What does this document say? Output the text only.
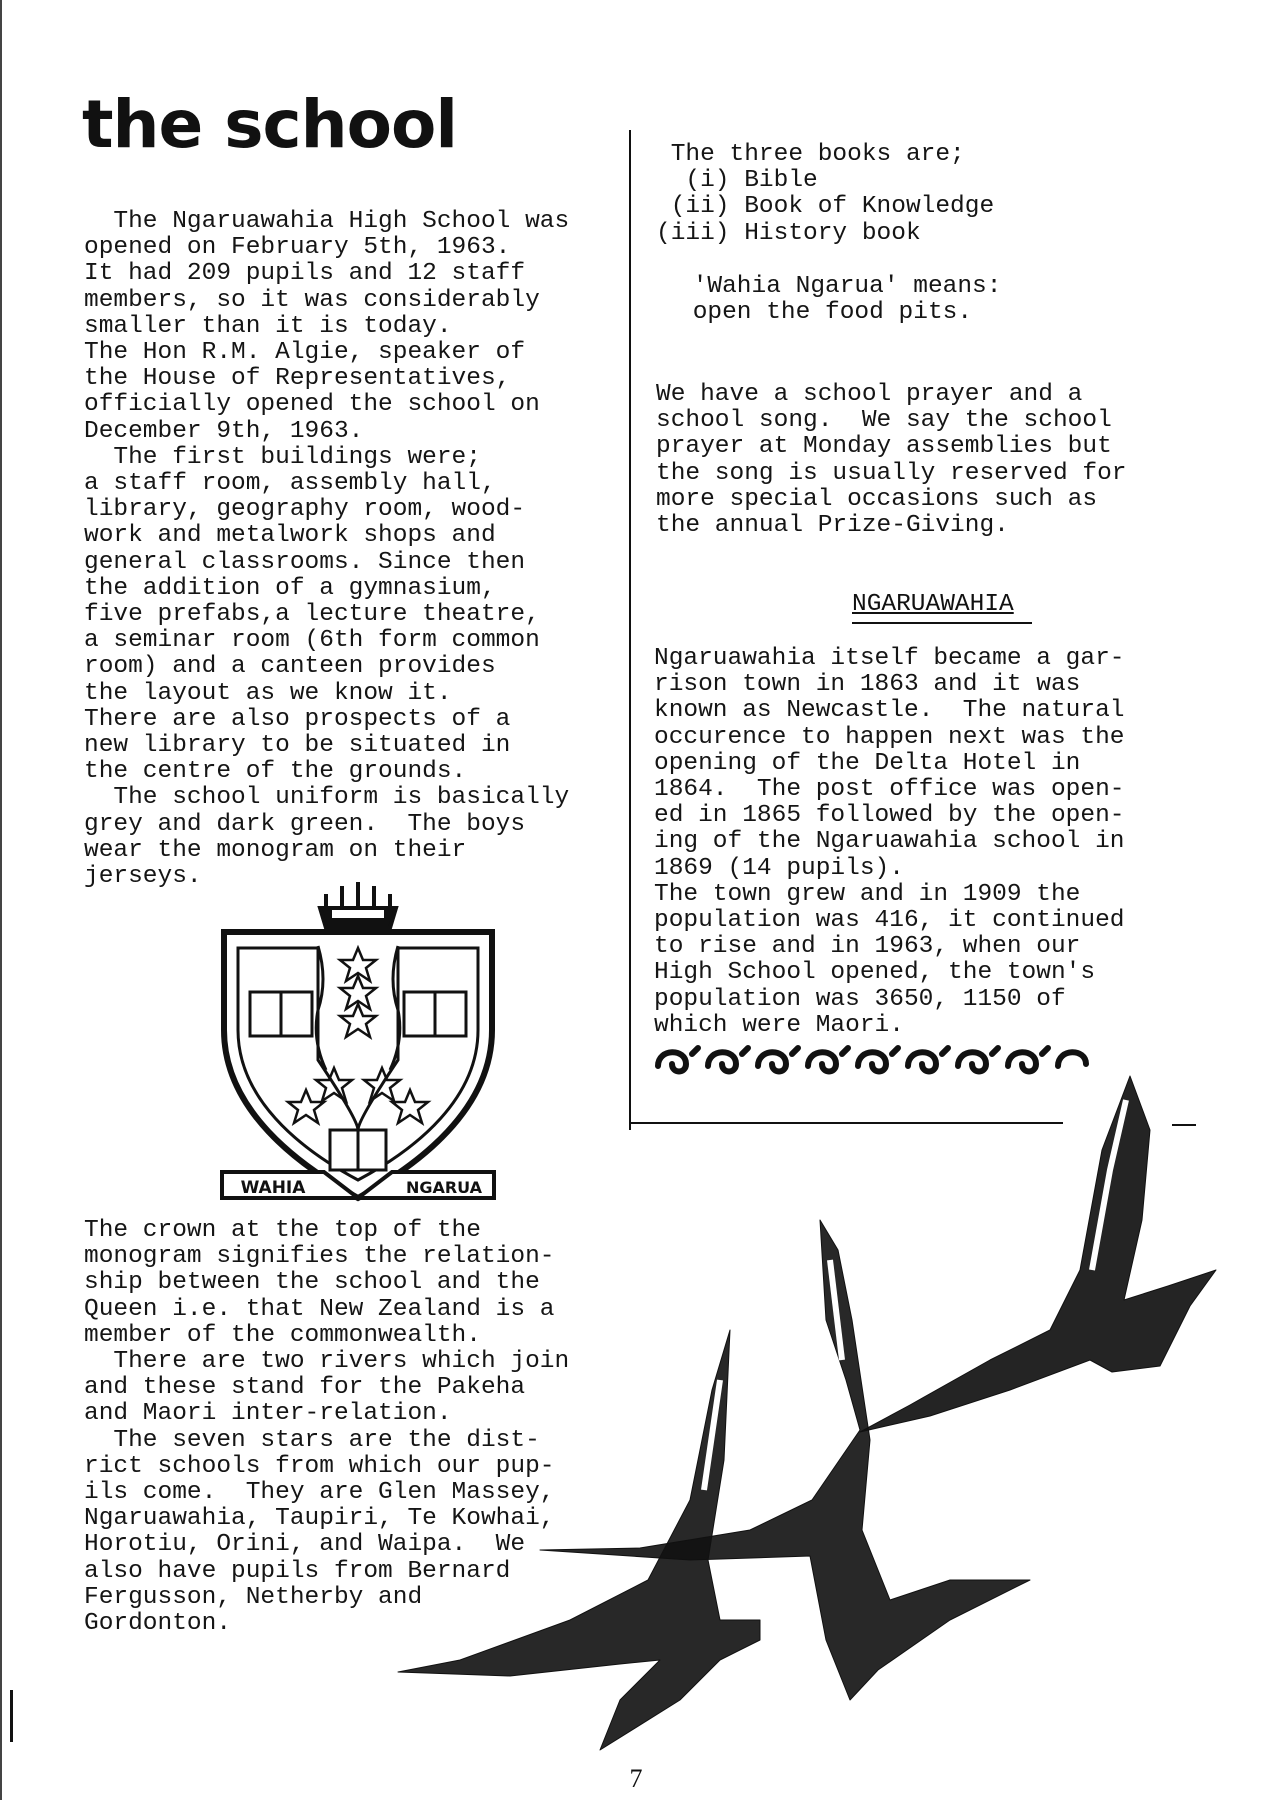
the school
The Ngaruawahia High School was
opened on February 5th, 1963.
It had 209 pupils and 12 staff
members, so it was considerably
smaller than it is today.
The Hon R.M. Algie, speaker of
the House of Representatives,
officially opened the school on
December 9th, 1963.
The first buildings were;
a staff room, assembly hall,
library, geography room, wood-
work and metalwork shops and
general classrooms. Since then
the addition of a gymnasium,
five prefabs,a lecture theatre,
a seminar room (6th form common
room) and a canteen provides
the layout as we know it.
There are also prospects of a
new library to be situated in
the centre of the grounds.
The school uniform is basically
grey and dark green.  The boys
wear the monogram on their
jerseys.
WAHIA	NGARUA
The crown at the top of the
monogram signifies the relation-
ship between the school and the
Queen i.e. that New Zealand is a
member of the commonwealth.
There are two rivers which join
and these stand for the Pakeha
and Maori inter-relation.
The seven stars are the dist-
rict schools from which our pup-
ils come.  They are Glen Massey,
Ngaruawahia, Taupiri, Te Kowhai,
Horotiu, Orini, and Waipa.  We
also have pupils from Bernard
Fergusson, Netherby and
Gordonton.
The three books are;
(i) Bible
(ii) Book of Knowledge
(iii) History book
'Wahia Ngarua' means:
open the food pits.
We have a school prayer and a
school song.  We say the school
prayer at Monday assemblies but
the song is usually reserved for
more special occasions such as
the annual Prize-Giving.
NGARUAWAHIA
Ngaruawahia itself became a gar-
rison town in 1863 and it was
known as Newcastle.  The natural
occurence to happen next was the
opening of the Delta Hotel in
1864.  The post office was open-
ed in 1865 followed by the open-
ing of the Ngaruawahia school in
1869 (14 pupils).
The town grew and in 1909 the
population was 416, it continued
to rise and in 1963, when our
High School opened, the town's
population was 3650, 1150 of
which were Maori.
7
